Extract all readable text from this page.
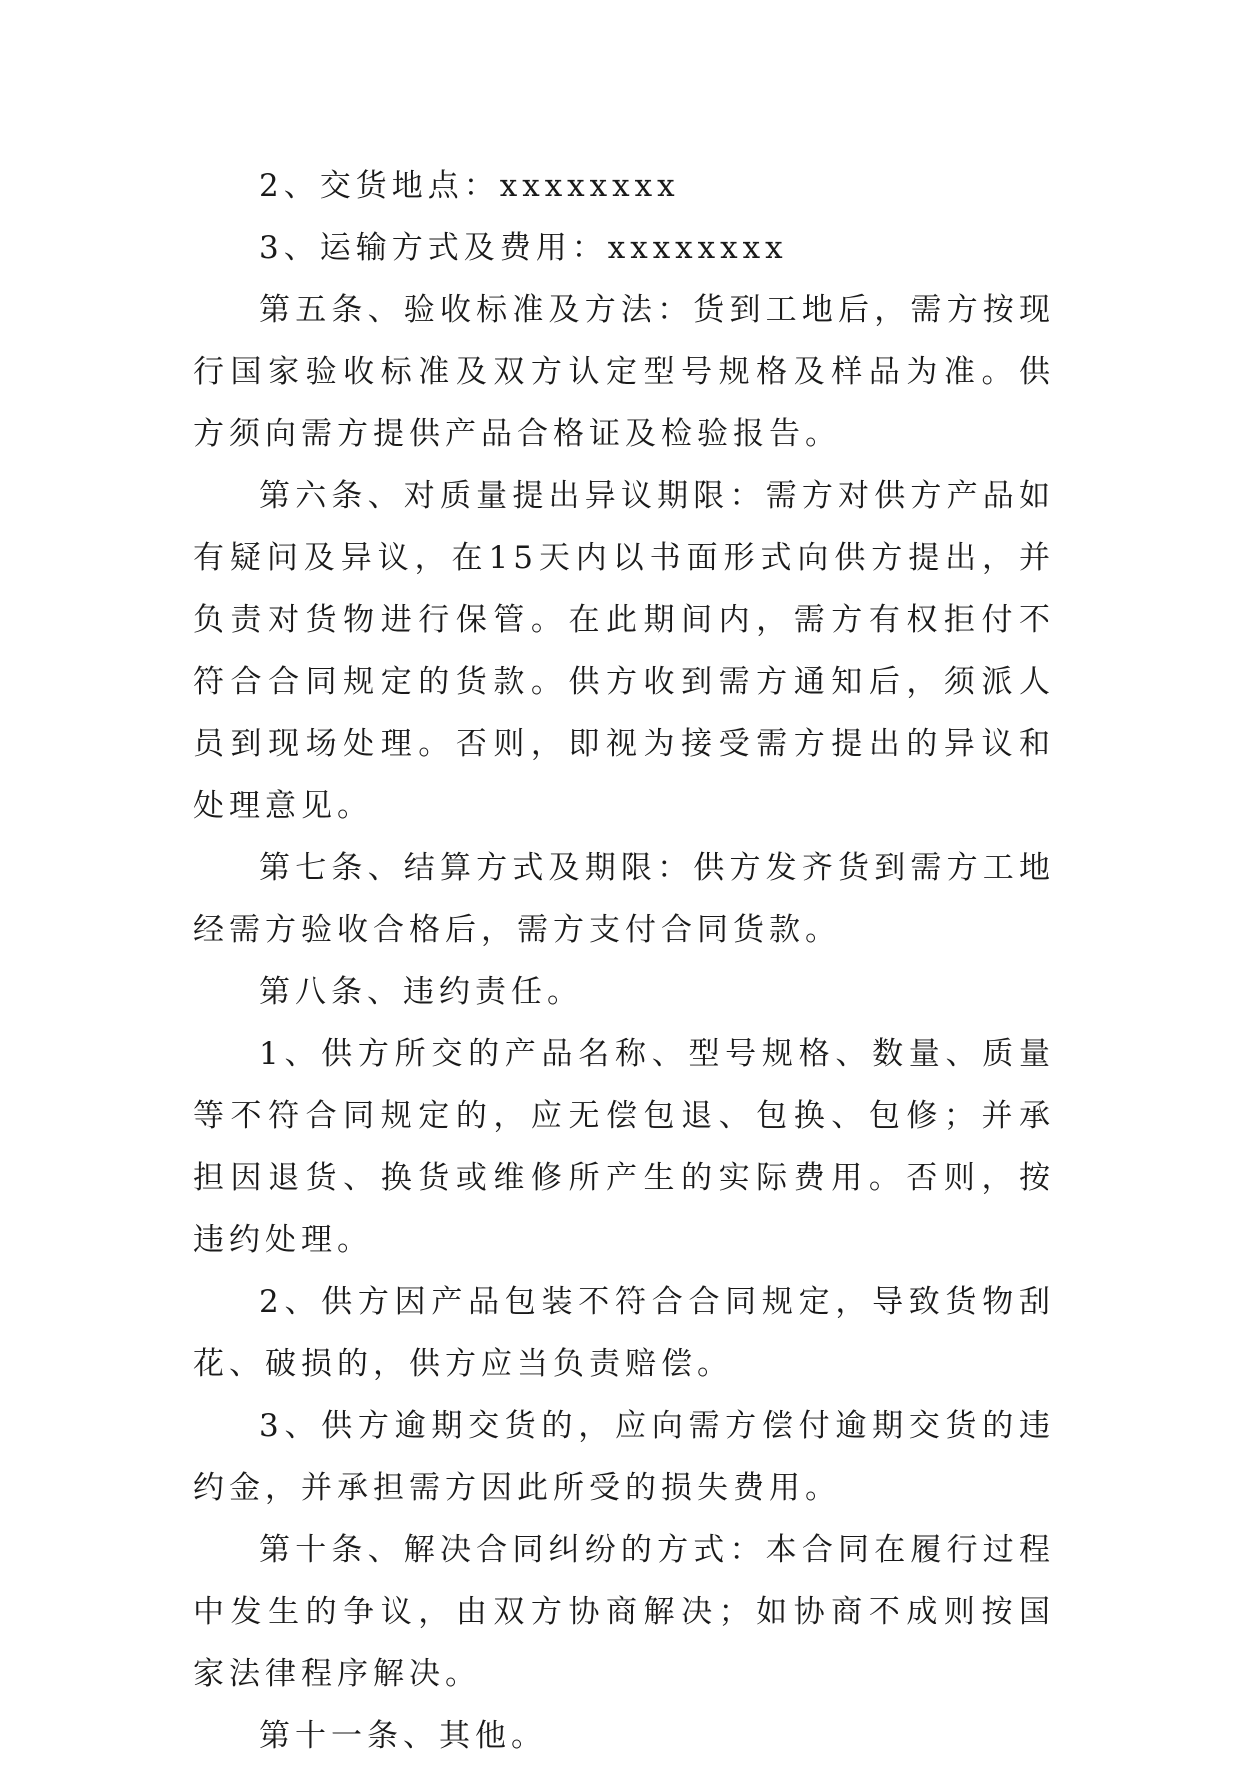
2、交货地点：xxxxxxxx

3、运输方式及费用：xxxxxxxx

第五条、验收标准及方法：货到工地后，需方按现行国家验收标准及双方认定型号规格及样品为准。供方须向需方提供产品合格证及检验报告。

第六条、对质量提出异议期限：需方对供方产品如有疑问及异议，在15天内以书面形式向供方提出，并负责对货物进行保管。在此期间内，需方有权拒付不符合合同规定的货款。供方收到需方通知后，须派人员到现场处理。否则，即视为接受需方提出的异议和处理意见。

第七条、结算方式及期限：供方发齐货到需方工地经需方验收合格后，需方支付合同货款。

第八条、违约责任。

1、供方所交的产品名称、型号规格、数量、质量等不符合同规定的，应无偿包退、包换、包修；并承担因退货、换货或维修所产生的实际费用。否则，按违约处理。

2、供方因产品包装不符合合同规定，导致货物刮花、破损的，供方应当负责赔偿。

3、供方逾期交货的，应向需方偿付逾期交货的违约金，并承担需方因此所受的损失费用。

第十条、解决合同纠纷的方式：本合同在履行过程中发生的争议，由双方协商解决；如协商不成则按国家法律程序解决。

第十一条、其他。
